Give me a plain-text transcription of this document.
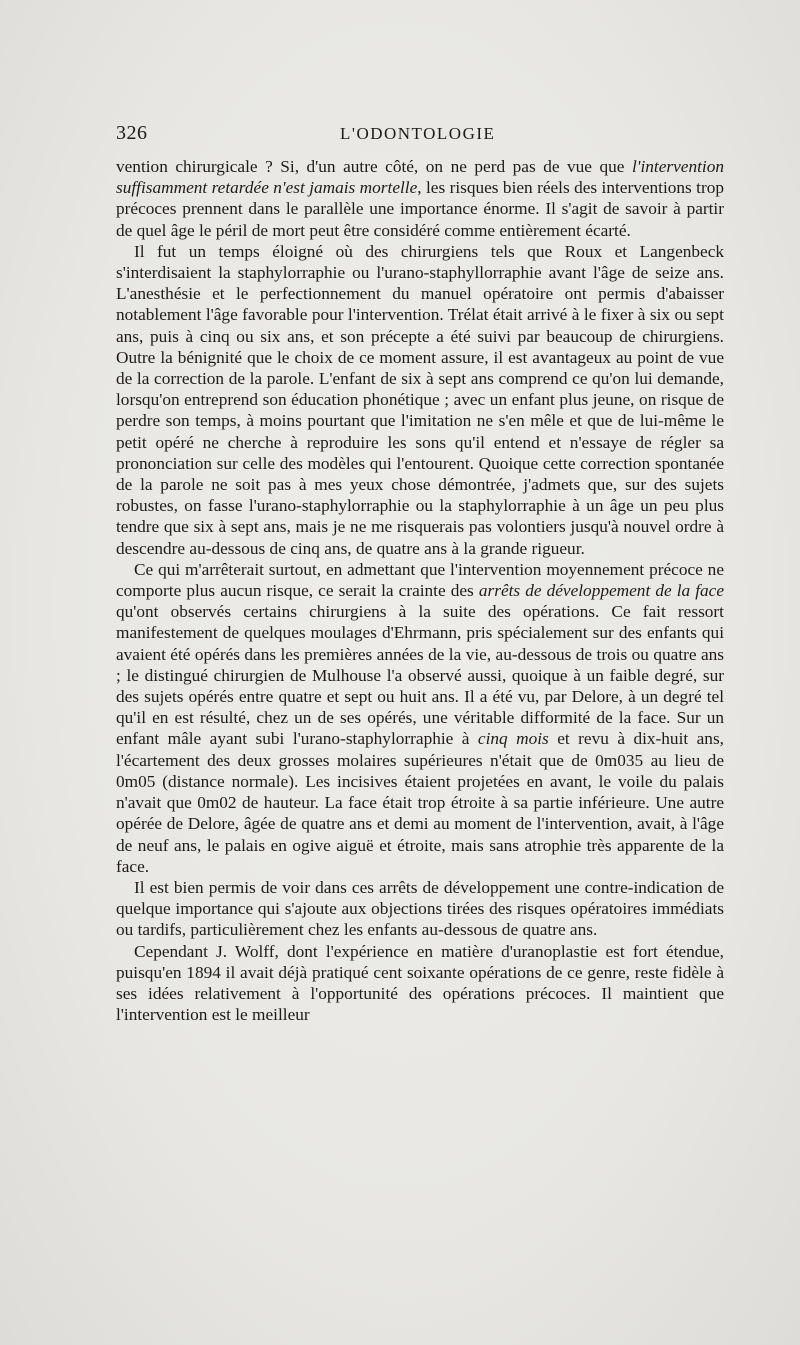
326	L'ODONTOLOGIE

vention chirurgicale ? Si, d'un autre côté, on ne perd pas de vue que l'intervention suffisamment retardée n'est jamais mortelle, les risques bien réels des interventions trop précoces prennent dans le parallèle une importance énorme. Il s'agit de savoir à partir de quel âge le péril de mort peut être considéré comme entièrement écarté.

Il fut un temps éloigné où des chirurgiens tels que Roux et Langenbeck s'interdisaient la staphylorraphie ou l'urano-staphyllorraphie avant l'âge de seize ans. L'anesthésie et le perfectionnement du manuel opératoire ont permis d'abaisser notablement l'âge favorable pour l'intervention. Trélat était arrivé à le fixer à six ou sept ans, puis à cinq ou six ans, et son précepte a été suivi par beaucoup de chirurgiens. Outre la bénignité que le choix de ce moment assure, il est avantageux au point de vue de la correction de la parole. L'enfant de six à sept ans comprend ce qu'on lui demande, lorsqu'on entreprend son éducation phonétique ; avec un enfant plus jeune, on risque de perdre son temps, à moins pourtant que l'imitation ne s'en mêle et que de lui-même le petit opéré ne cherche à reproduire les sons qu'il entend et n'essaye de régler sa prononciation sur celle des modèles qui l'entourent. Quoique cette correction spontanée de la parole ne soit pas à mes yeux chose démontrée, j'admets que, sur des sujets robustes, on fasse l'urano-staphylorraphie ou la staphylorraphie à un âge un peu plus tendre que six à sept ans, mais je ne me risquerais pas volontiers jusqu'à nouvel ordre à descendre au-dessous de cinq ans, de quatre ans à la grande rigueur.

Ce qui m'arrêterait surtout, en admettant que l'intervention moyennement précoce ne comporte plus aucun risque, ce serait la crainte des arrêts de développement de la face qu'ont observés certains chirurgiens à la suite des opérations. Ce fait ressort manifestement de quelques moulages d'Ehrmann, pris spécialement sur des enfants qui avaient été opérés dans les premières années de la vie, au-dessous de trois ou quatre ans ; le distingué chirurgien de Mulhouse l'a observé aussi, quoique à un faible degré, sur des sujets opérés entre quatre et sept ou huit ans. Il a été vu, par Delore, à un degré tel qu'il en est résulté, chez un de ses opérés, une véritable difformité de la face. Sur un enfant mâle ayant subi l'urano-staphylorraphie à cinq mois et revu à dix-huit ans, l'écartement des deux grosses molaires supérieures n'était que de 0m035 au lieu de 0m05 (distance normale). Les incisives étaient projetées en avant, le voile du palais n'avait que 0m02 de hauteur. La face était trop étroite à sa partie inférieure. Une autre opérée de Delore, âgée de quatre ans et demi au moment de l'intervention, avait, à l'âge de neuf ans, le palais en ogive aiguë et étroite, mais sans atrophie très apparente de la face.

Il est bien permis de voir dans ces arrêts de développement une contre-indication de quelque importance qui s'ajoute aux objections tirées des risques opératoires immédiats ou tardifs, particulièrement chez les enfants au-dessous de quatre ans.

Cependant J. Wolff, dont l'expérience en matière d'uranoplastie est fort étendue, puisqu'en 1894 il avait déjà pratiqué cent soixante opérations de ce genre, reste fidèle à ses idées relativement à l'opportunité des opérations précoces. Il maintient que l'intervention est le meilleur
